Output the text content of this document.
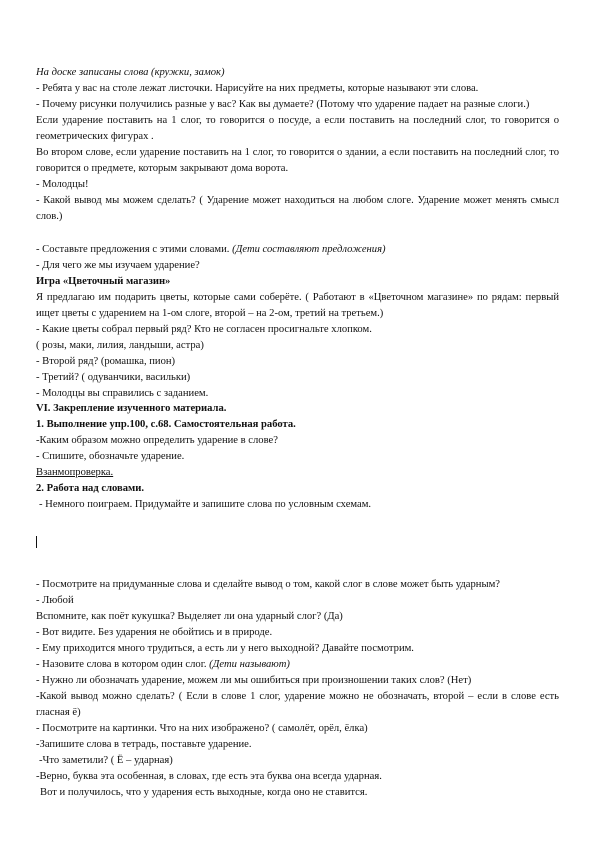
На доске записаны слова (кружки, замок)

- Ребята у вас на столе лежат листочки. Нарисуйте на них предметы, которые называют эти слова.

- Почему рисунки получились разные у вас? Как вы думаете? (Потому что ударение падает на разные слоги.)

Если ударение поставить на 1 слог, то говорится о посуде, а если поставить на последний слог, то говорится о геометрических фигурах .

Во втором слове, если ударение поставить на 1 слог, то говорится о здании, а если поставить на последний слог, то говорится о предмете, которым закрывают дома ворота.

- Молодцы!

- Какой вывод мы можем сделать? ( Ударение может находиться на любом слоге. Ударение может менять смысл слов.)

- Составьте предложения с этими словами. (Дети составляют предложения)

- Для чего же мы изучаем ударение?

Игра «Цветочный магазин»

Я предлагаю им подарить цветы, которые сами соберёте. ( Работают в «Цветочном магазине» по рядам: первый ищет цветы с ударением на 1-ом слоге, второй – на 2-ом, третий на третьем.)

- Какие цветы собрал первый ряд? Кто не согласен просигнальте хлопком.

( розы, маки, лилия, ландыши, астра)

- Второй ряд? (ромашка, пион)

- Третий? ( одуванчики, васильки)

- Молодцы вы справились с заданием.

VI. Закрепление изученного материала.

1. Выполнение упр.100, с.68. Самостоятельная работа.

-Каким образом можно определить ударение в слове?

- Спишите, обозначьте ударение.

Взанмопроверка.

2. Работа над словами.

- Немного поиграем. Придумайте и запишите слова по условным схемам.

- Посмотрите на придуманные слова и сделайте вывод о том, какой слог в слове может быть ударным?

- Любой

Вспомните, как поёт кукушка? Выделяет ли она ударный слог? (Да)

- Вот видите. Без ударения не обойтись и в природе.

- Ему приходится много трудиться, а есть ли у него выходной? Давайте посмотрим.

- Назовите слова в котором один слог. (Дети называют)

- Нужно ли обозначать ударение, можем ли мы ошибиться при произношении таких слов? (Нет)

-Какой вывод можно сделать? ( Если в слове 1 слог, ударение можно не обозначать, второй – если в слове есть гласная ё)

- Посмотрите на картинки. Что на них изображено? ( самолёт, орёл, ёлка)

-Запишите слова в тетрадь, поставьте ударение.

-Что заметили? ( Ё – ударная)

-Верно, буква эта особенная, в словах, где есть эта буква она всегда ударная.

Вот и получилось, что у ударения есть выходные, когда оно не ставится.
